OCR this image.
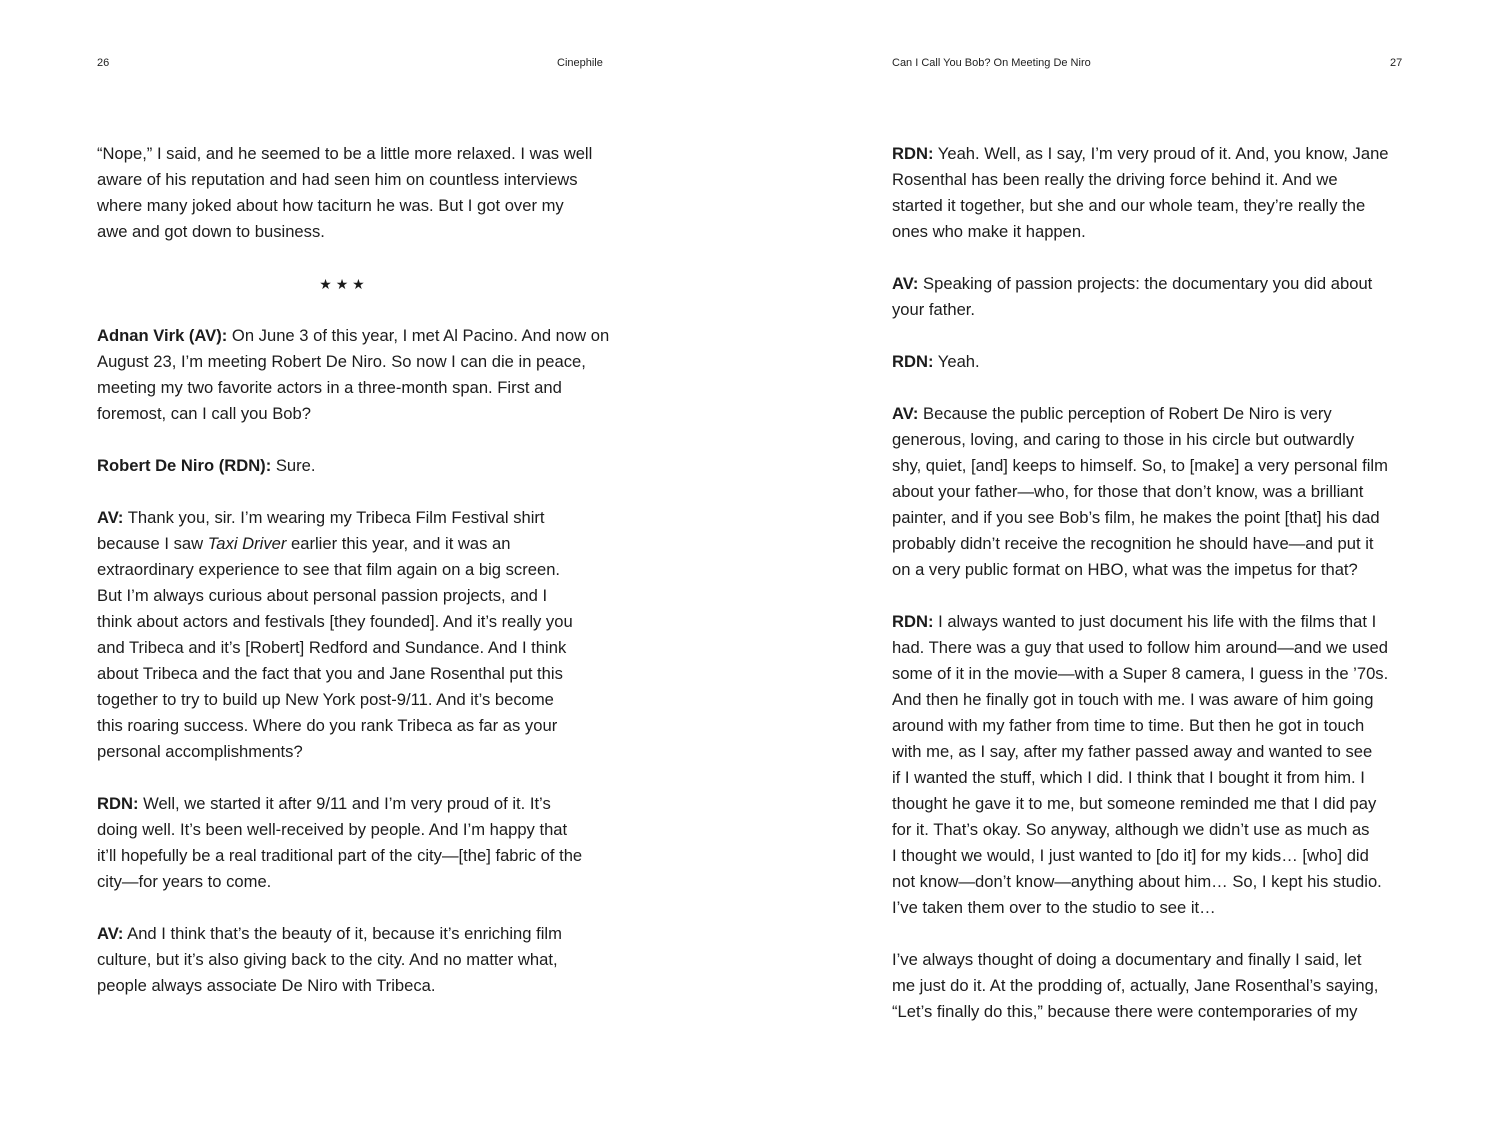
26	Cinephile
“Nope,” I said, and he seemed to be a little more relaxed. I was well
aware of his reputation and had seen him on countless interviews
where many joked about how taciturn he was. But I got over my
awe and got down to business.
★ ★ ★
Adnan Virk (AV): On June 3 of this year, I met Al Pacino. And now on
August 23, I’m meeting Robert De Niro. So now I can die in peace,
meeting my two favorite actors in a three-month span. First and
foremost, can I call you Bob?
Robert De Niro (RDN): Sure.
AV: Thank you, sir. I’m wearing my Tribeca Film Festival shirt
because I saw Taxi Driver earlier this year, and it was an
extraordinary experience to see that film again on a big screen.
But I’m always curious about personal passion projects, and I
think about actors and festivals [they founded]. And it’s really you
and Tribeca and it’s [Robert] Redford and Sundance. And I think
about Tribeca and the fact that you and Jane Rosenthal put this
together to try to build up New York post-9/11. And it’s become
this roaring success. Where do you rank Tribeca as far as your
personal accomplishments?
RDN: Well, we started it after 9/11 and I’m very proud of it. It’s
doing well. It’s been well-received by people. And I’m happy that
it’ll hopefully be a real traditional part of the city—[the] fabric of the
city—for years to come.
AV: And I think that’s the beauty of it, because it’s enriching film
culture, but it’s also giving back to the city. And no matter what,
people always associate De Niro with Tribeca.
Can I Call You Bob? On Meeting De Niro	27
RDN: Yeah. Well, as I say, I’m very proud of it. And, you know, Jane
Rosenthal has been really the driving force behind it. And we
started it together, but she and our whole team, they’re really the
ones who make it happen.
AV: Speaking of passion projects: the documentary you did about
your father.
RDN: Yeah.
AV: Because the public perception of Robert De Niro is very
generous, loving, and caring to those in his circle but outwardly
shy, quiet, [and] keeps to himself. So, to [make] a very personal film
about your father—who, for those that don’t know, was a brilliant
painter, and if you see Bob’s film, he makes the point [that] his dad
probably didn’t receive the recognition he should have—and put it
on a very public format on HBO, what was the impetus for that?
RDN: I always wanted to just document his life with the films that I
had. There was a guy that used to follow him around—and we used
some of it in the movie—with a Super 8 camera, I guess in the ’70s.
And then he finally got in touch with me. I was aware of him going
around with my father from time to time. But then he got in touch
with me, as I say, after my father passed away and wanted to see
if I wanted the stuff, which I did. I think that I bought it from him. I
thought he gave it to me, but someone reminded me that I did pay
for it. That’s okay. So anyway, although we didn’t use as much as
I thought we would, I just wanted to [do it] for my kids… [who] did
not know—don’t know—anything about him… So, I kept his studio.
I’ve taken them over to the studio to see it…
I’ve always thought of doing a documentary and finally I said, let
me just do it. At the prodding of, actually, Jane Rosenthal’s saying,
“Let’s finally do this,” because there were contemporaries of my
